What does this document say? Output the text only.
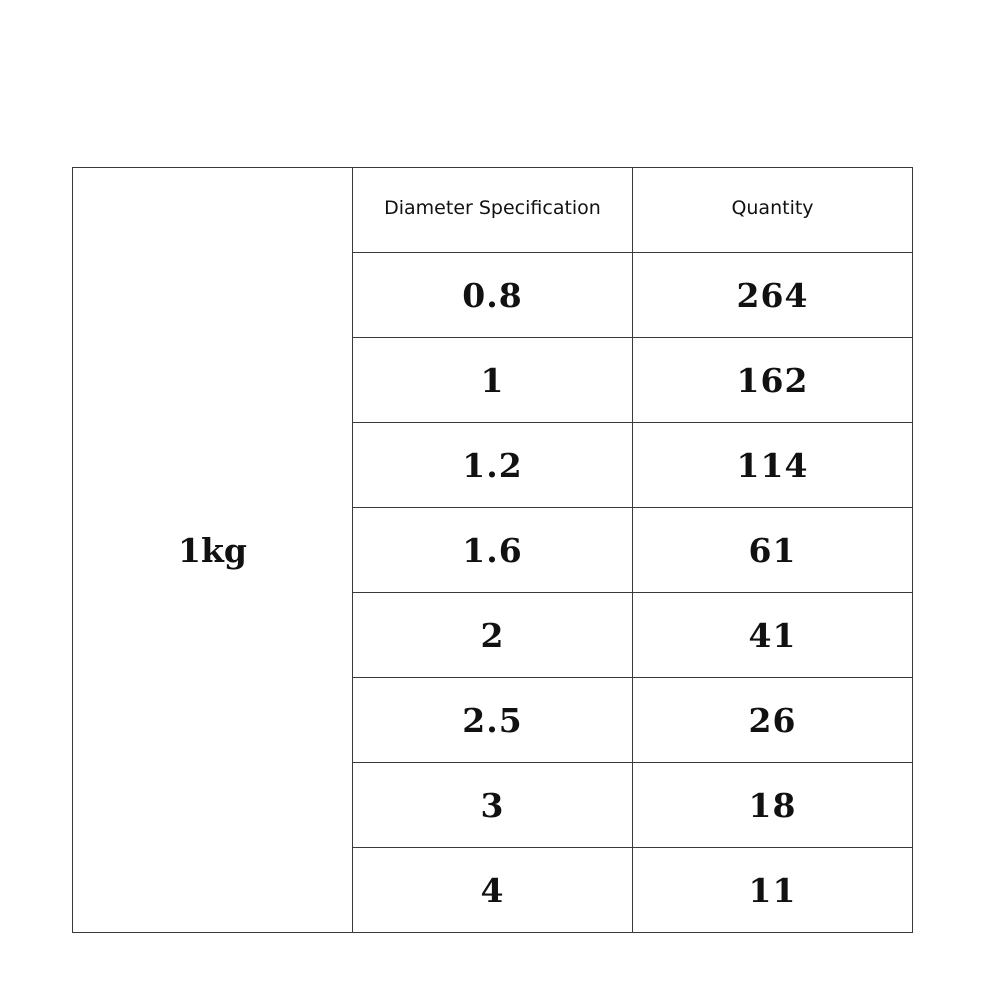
1kg	Diameter Specification	Quantity
	0.8	264
	1	162
	1.2	114
	1.6	61
	2	41
	2.5	26
	3	18
	4	11
